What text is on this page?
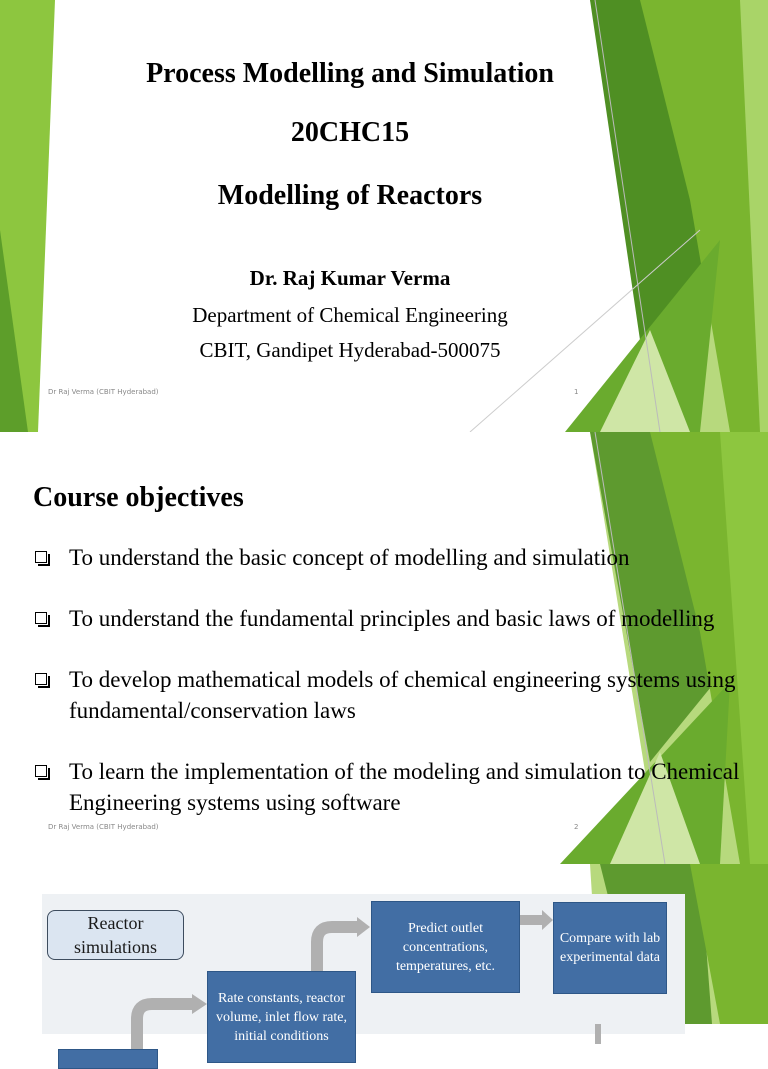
Process Modelling and Simulation
20CHC15
Modelling of Reactors

Dr. Raj Kumar Verma

Department of Chemical Engineering

CBIT, Gandipet Hyderabad-500075

Dr Raj Verma (CBIT Hyderabad)	1
Course objectives
To understand the basic concept of modelling and simulation
To understand the fundamental principles and basic laws of modelling
To develop mathematical models of chemical engineering systems using fundamental/conservation laws
To learn the implementation of the modeling and simulation to Chemical Engineering systems using software
Dr Raj Verma (CBIT Hyderabad)	2
Reactor simulations
Rate constants, reactor volume, inlet flow rate, initial conditions
Predict outlet concentrations, temperatures, etc.
Compare with lab experimental data
